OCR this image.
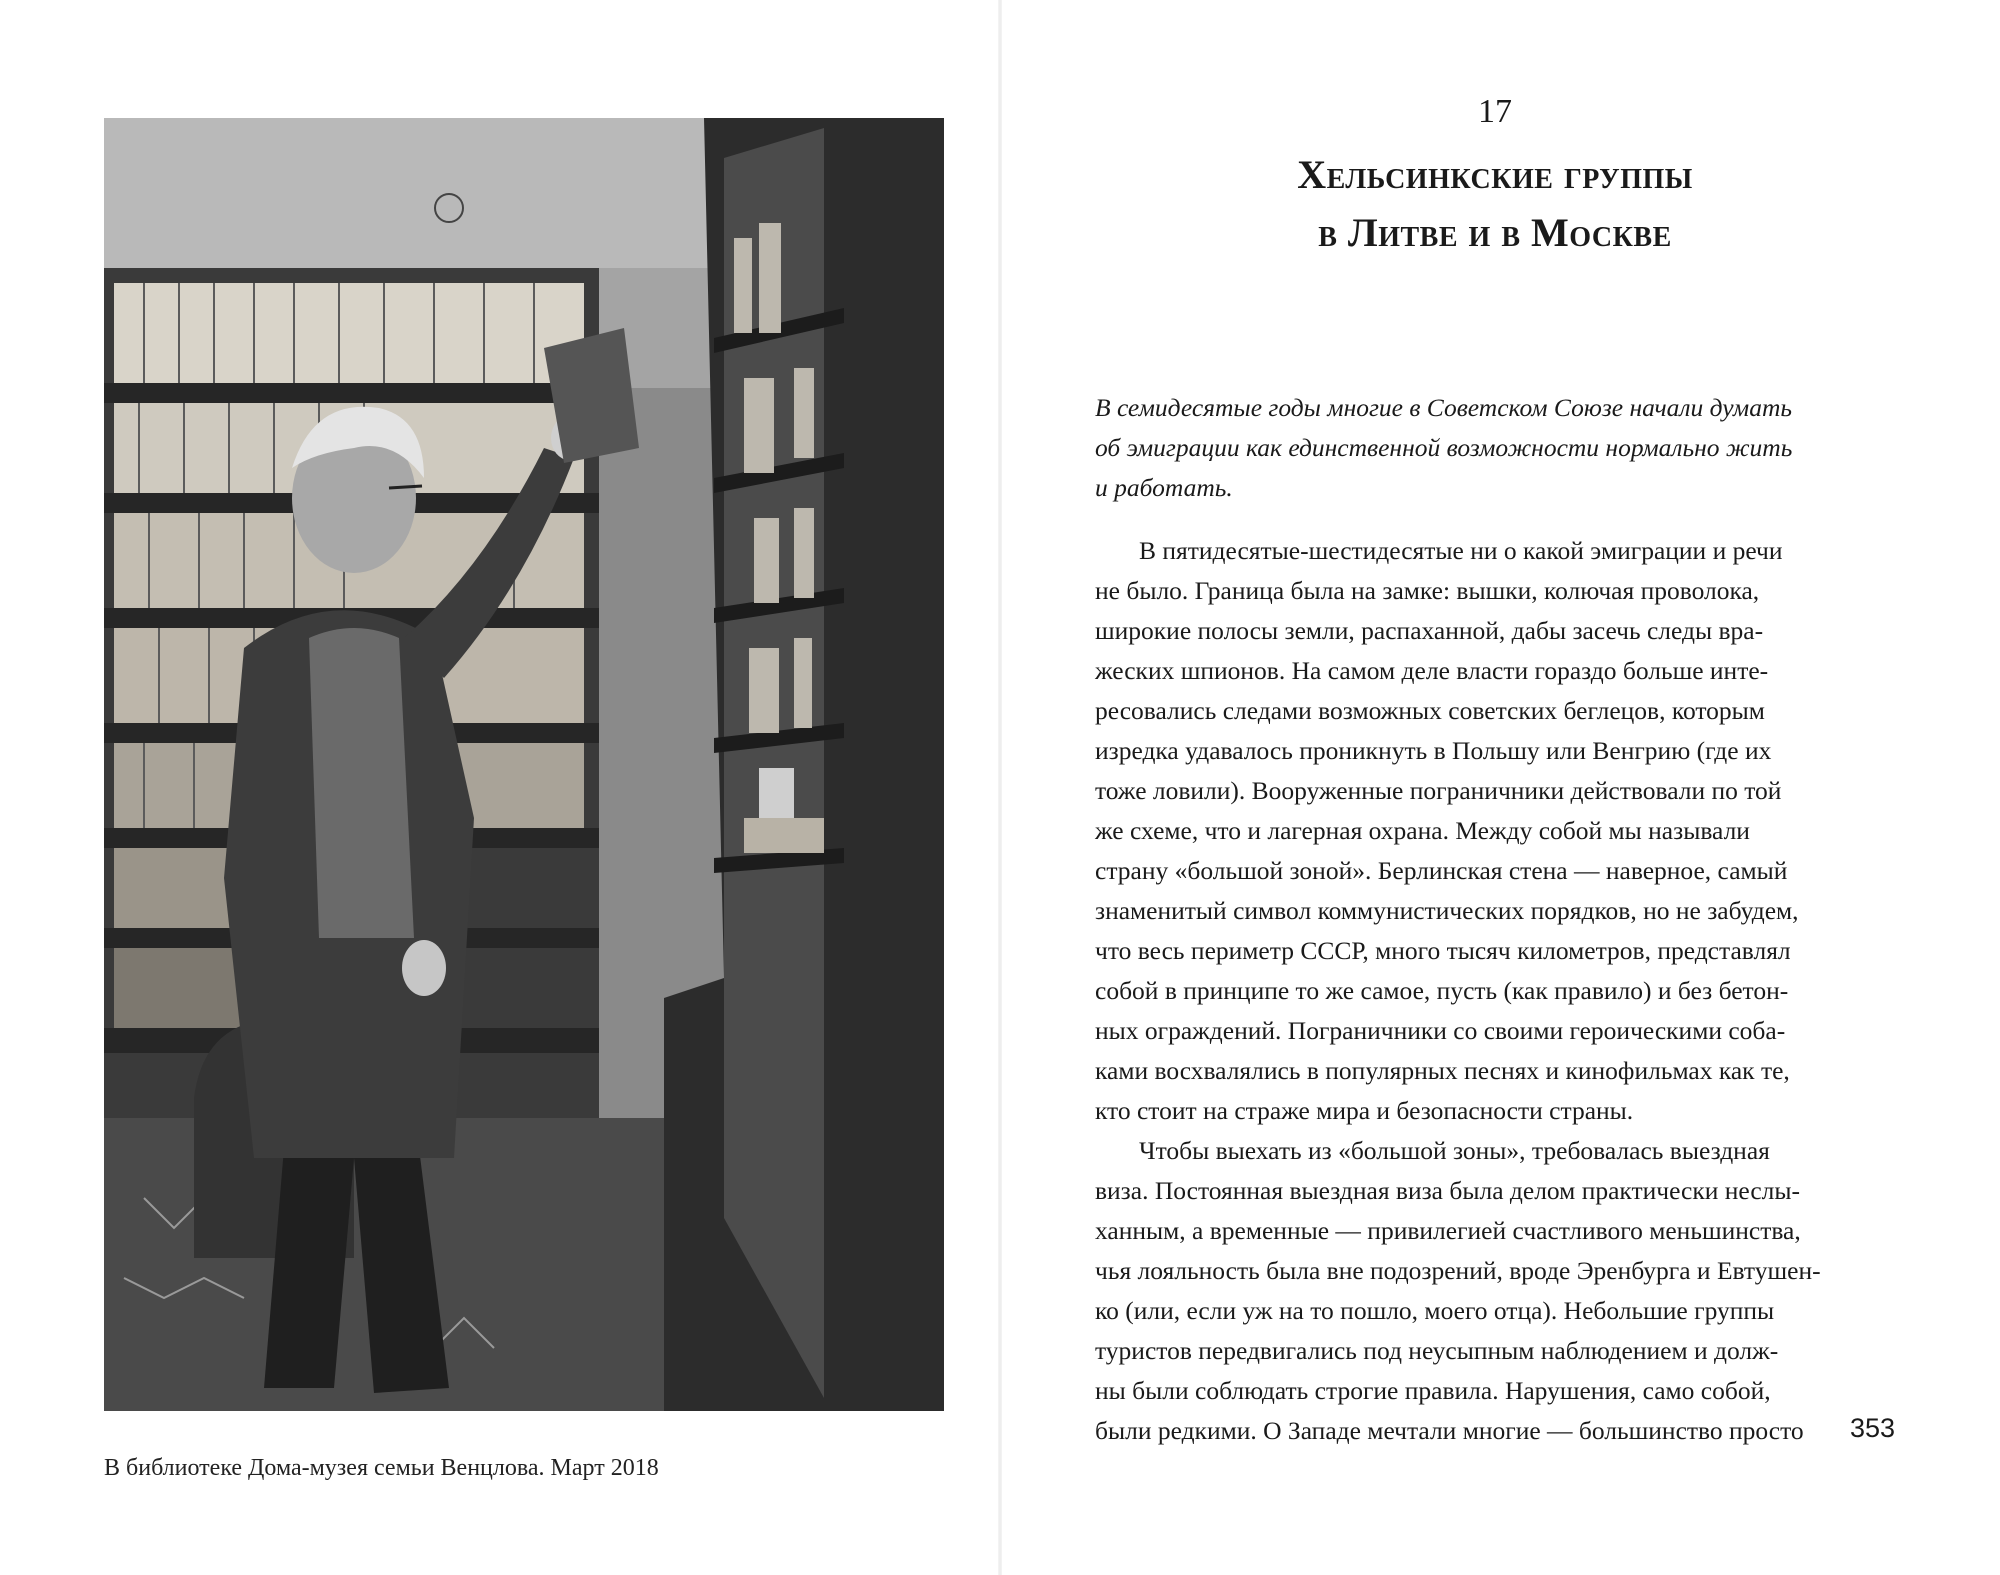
В библиотеке Дома-музея семьи Венцлова. Март 2018
17
Хельсинкские группы
в Литве и в Москве
В семидесятые годы многие в Советском Союзе начали думать
об эмиграции как единственной возможности нормально жить
и работать.
В пятидесятые-шестидесятые ни о какой эмиграции и речи
не было. Граница была на замке: вышки, колючая проволока,
широкие полосы земли, распаханной, дабы засечь следы вра-
жеских шпионов. На самом деле власти гораздо больше инте-
ресовались следами возможных советских беглецов, которым
изредка удавалось проникнуть в Польшу или Венгрию (где их
тоже ловили). Вооруженные пограничники действовали по той
же схеме, что и лагерная охрана. Между собой мы называли
страну «большой зоной». Берлинская стена — наверное, самый
знаменитый символ коммунистических порядков, но не забудем,
что весь периметр СССР, много тысяч километров, представлял
собой в принципе то же самое, пусть (как правило) и без бетон-
ных ограждений. Пограничники со своими героическими соба-
ками восхвалялись в популярных песнях и кинофильмах как те,
кто стоит на страже мира и безопасности страны.
Чтобы выехать из «большой зоны», требовалась выездная
виза. Постоянная выездная виза была делом практически неслы-
ханным, а временные — привилегией счастливого меньшинства,
чья лояльность была вне подозрений, вроде Эренбурга и Евтушен-
ко (или, если уж на то пошло, моего отца). Небольшие группы
туристов передвигались под неусыпным наблюдением и долж-
ны были соблюдать строгие правила. Нарушения, само собой,
были редкими. О Западе мечтали многие — большинство просто	353
